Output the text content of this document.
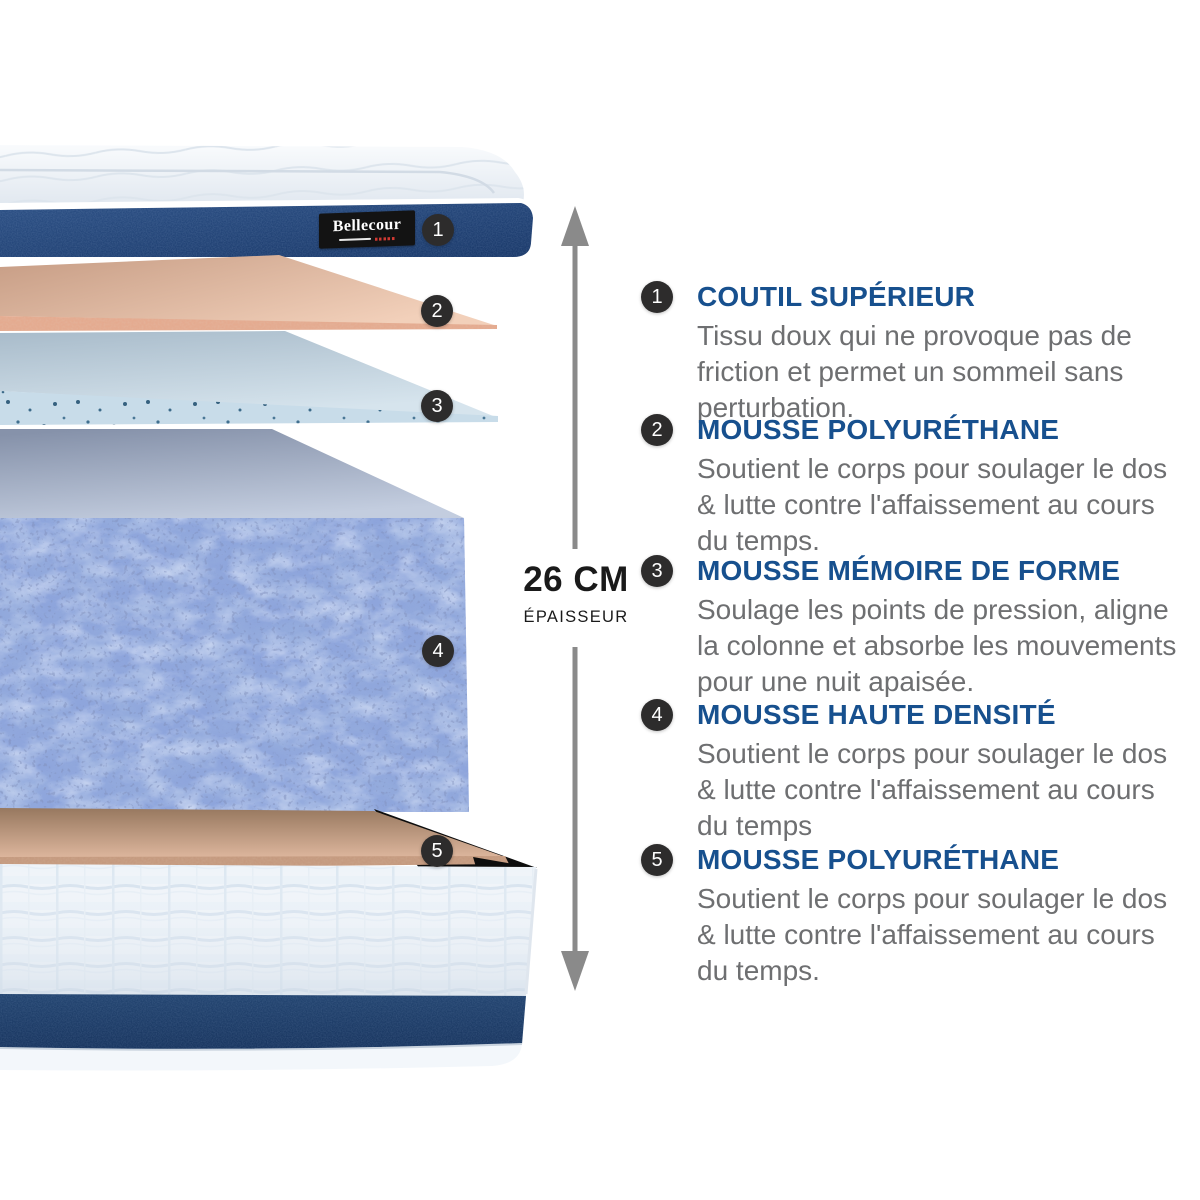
Bellecour	1
2
3
4
5
26 CM
ÉPAISSEUR
1	COUTIL SUPÉRIEUR
Tissu doux qui ne provoque pas de friction et permet un sommeil sans perturbation.
2	MOUSSE POLYURÉTHANE
Soutient le corps pour soulager le dos & lutte contre l'affaissement au cours du temps.
3	MOUSSE MÉMOIRE DE FORME
Soulage les points de pression, aligne la colonne et absorbe les mouvements pour une nuit apaisée.
4	MOUSSE HAUTE DENSITÉ
Soutient le corps pour soulager le dos & lutte contre l'affaissement au cours du temps
5	MOUSSE POLYURÉTHANE
Soutient le corps pour soulager le dos & lutte contre l'affaissement au cours du temps.
